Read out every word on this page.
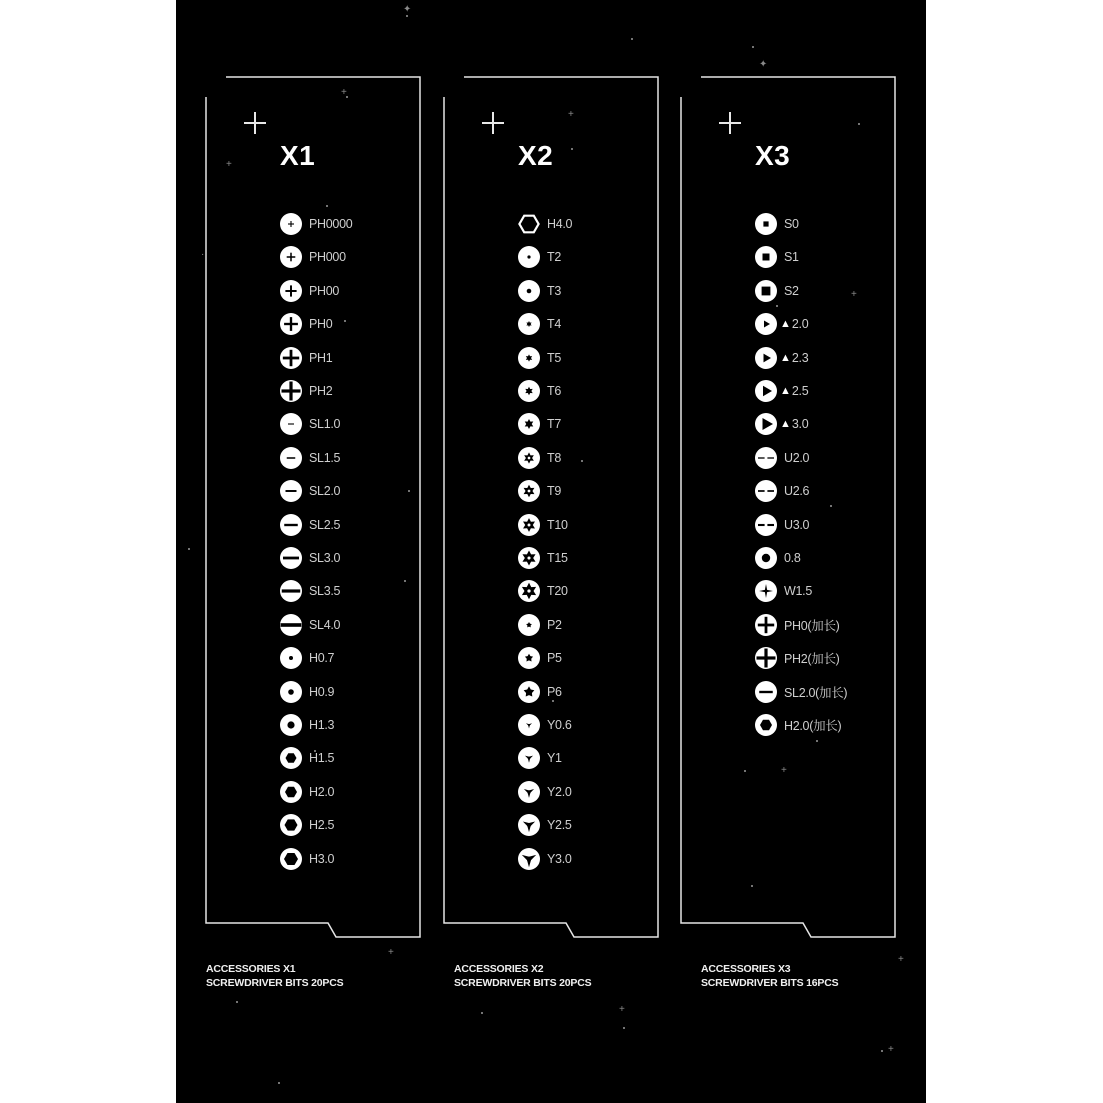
✦
✦
+
+
+
+
+
+
+
+
·
+
X1
PH0000
PH000
PH00
PH0
PH1
PH2
SL1.0
SL1.5
SL2.0
SL2.5
SL3.0
SL3.5
SL4.0
H0.7
H0.9
H1.3
H1.5
H2.0
H2.5
H3.0
X2
H4.0
T2
T3
T4
T5
T6
T7
T8
T9
T10
T15
T20
P2
P5
P6
Y0.6
Y1
Y2.0
Y2.5
Y3.0
X3
S0
S1
S2
▲ 2.0
▲ 2.3
▲ 2.5
▲ 3.0
U2.0
U2.6
U3.0
0.8
W1.5
PH0(加长)
PH2(加长)
SL2.0(加长)
H2.0(加长)
ACCESSORIES X1
SCREWDRIVER BITS 20PCS
ACCESSORIES X2
SCREWDRIVER BITS 20PCS
ACCESSORIES X3
SCREWDRIVER BITS 16PCS
